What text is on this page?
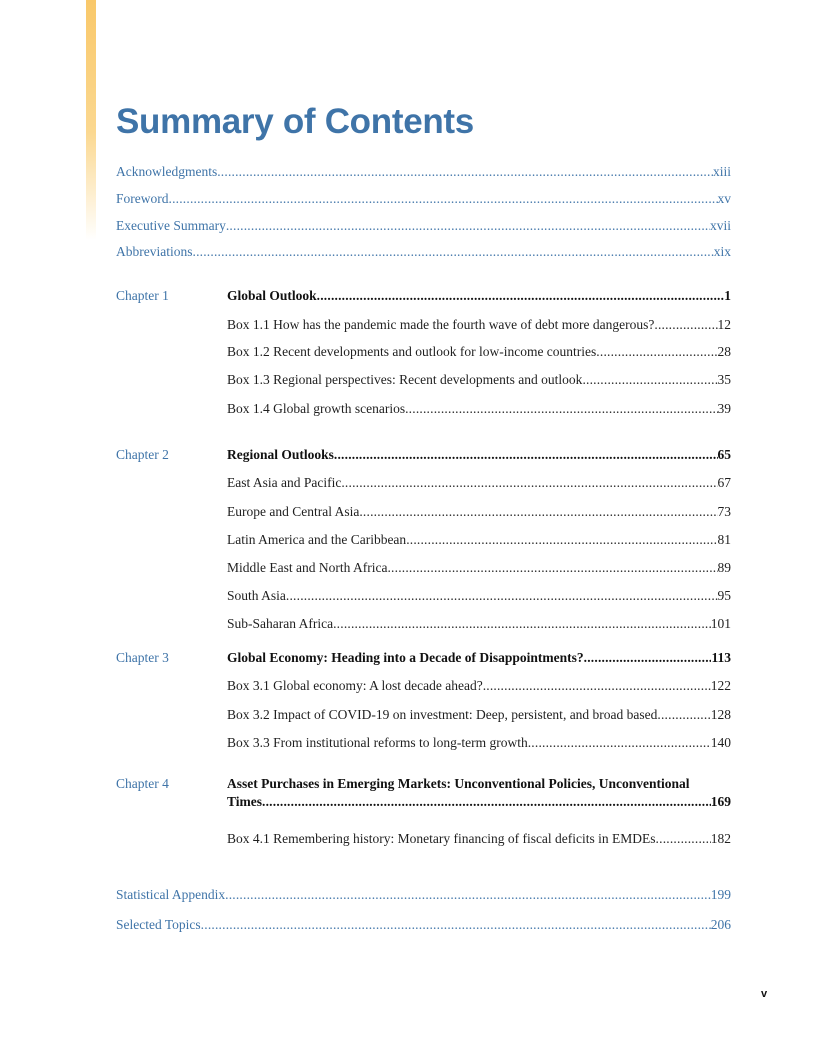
Summary of Contents
Acknowledgments .....	xiii
Foreword .....	xv
Executive Summary .....	xvii
Abbreviations .....	xix
Chapter 1	Global Outlook .....	1
Box 1.1 How has the pandemic made the fourth wave of debt more dangerous? .....	12
Box 1.2 Recent developments and outlook for low-income countries .....	28
Box 1.3 Regional perspectives: Recent developments and outlook .....	35
Box 1.4 Global growth scenarios .....	39
Chapter 2	Regional Outlooks .....	65
East Asia and Pacific .....	67
Europe and Central Asia .....	73
Latin America and the Caribbean .....	81
Middle East and North Africa .....	89
South Asia .....	95
Sub-Saharan Africa .....	101
Chapter 3	Global Economy: Heading into a Decade of Disappointments? .....	113
Box 3.1 Global economy: A lost decade ahead? .....	122
Box 3.2 Impact of COVID-19 on investment: Deep, persistent, and broad based .....	128
Box 3.3 From institutional reforms to long-term growth .....	140
Chapter 4	Asset Purchases in Emerging Markets: Unconventional Policies, Unconventional
Times .....	169
Box 4.1 Remembering history: Monetary financing of fiscal deficits in EMDEs .....	182
Statistical Appendix .....	199
Selected Topics .....	206
v
